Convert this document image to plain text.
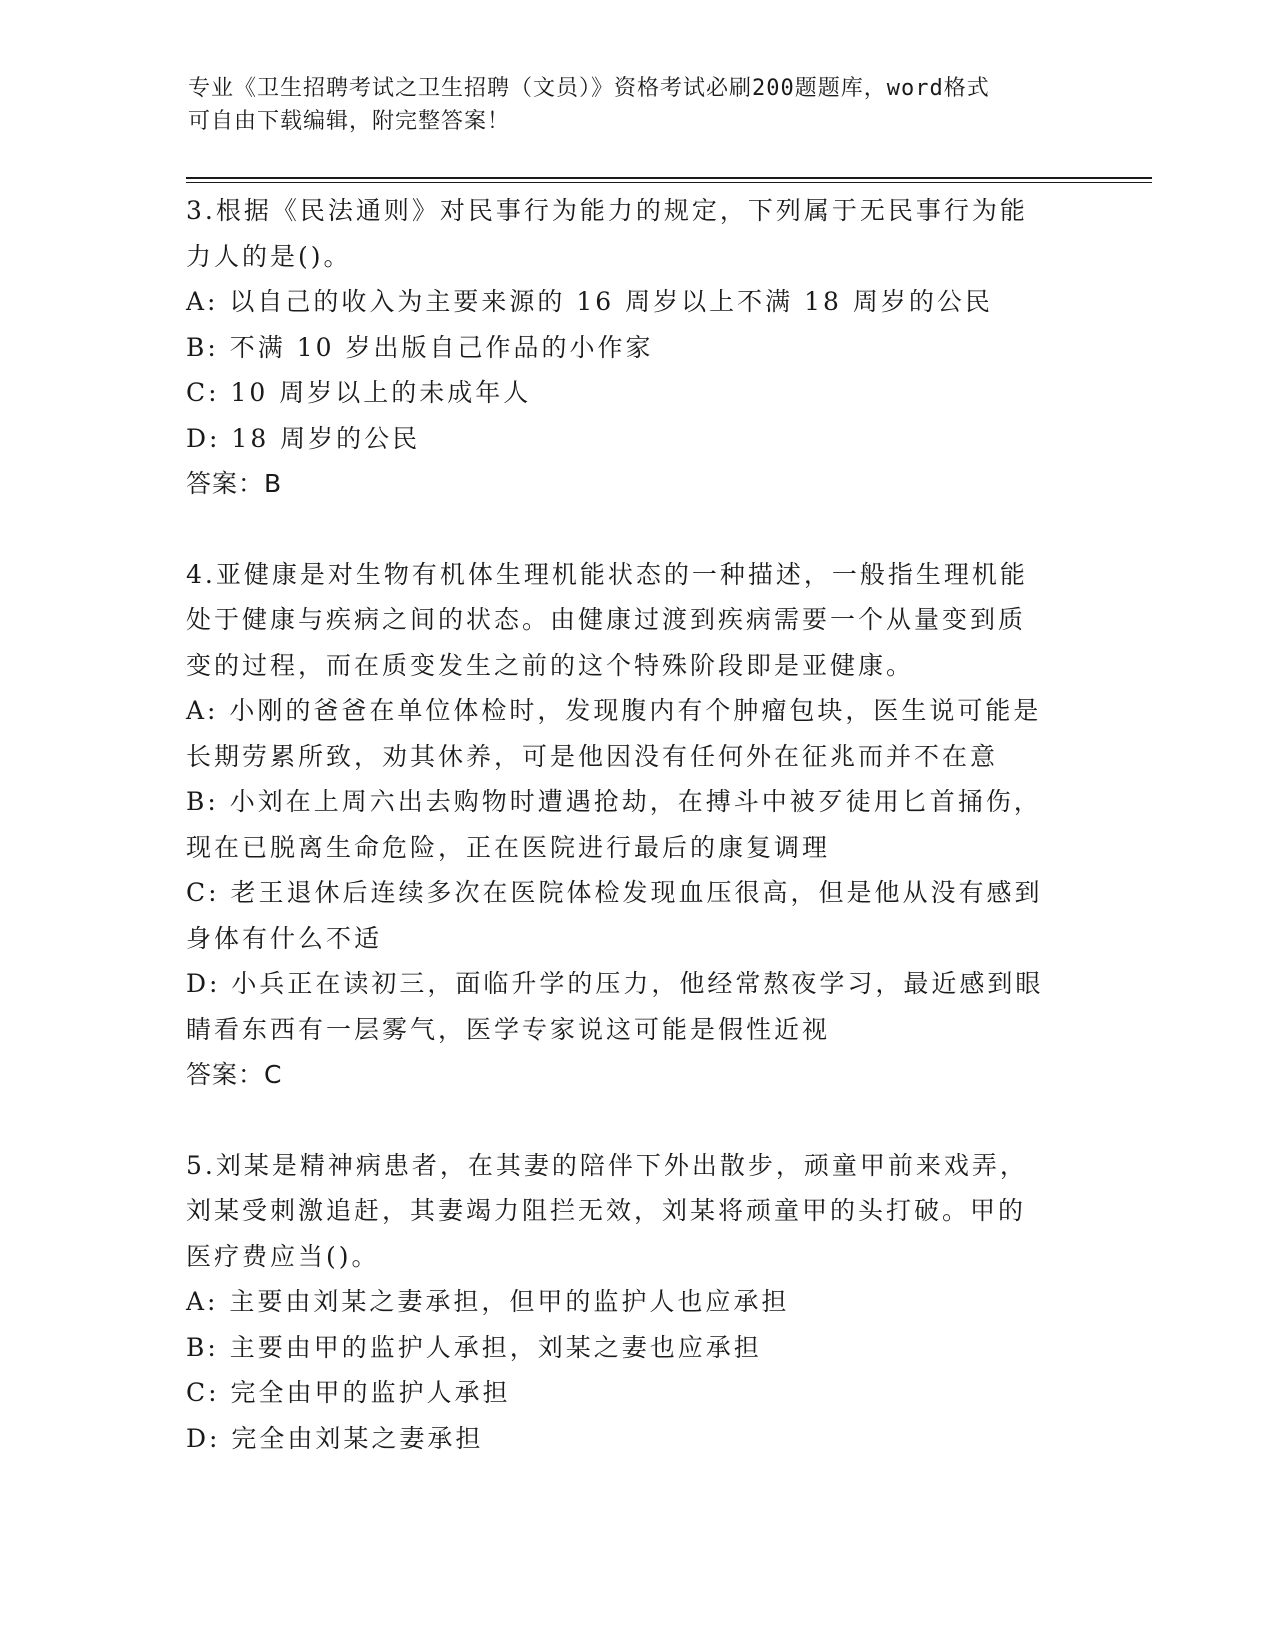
专业《卫生招聘考试之卫生招聘（文员）》资格考试必刷200题题库，word格式
可自由下载编辑，附完整答案！
3.根据《民法通则》对民事行为能力的规定，下列属于无民事行为能
力人的是()。
A: 以自己的收入为主要来源的 16 周岁以上不满 18 周岁的公民
B: 不满 10 岁出版自己作品的小作家
C: 10 周岁以上的未成年人
D: 18 周岁的公民
答案：B
4.亚健康是对生物有机体生理机能状态的一种描述，一般指生理机能
处于健康与疾病之间的状态。由健康过渡到疾病需要一个从量变到质
变的过程，而在质变发生之前的这个特殊阶段即是亚健康。
A: 小刚的爸爸在单位体检时，发现腹内有个肿瘤包块，医生说可能是
长期劳累所致，劝其休养，可是他因没有任何外在征兆而并不在意
B: 小刘在上周六出去购物时遭遇抢劫，在搏斗中被歹徒用匕首捅伤，
现在已脱离生命危险，正在医院进行最后的康复调理
C: 老王退休后连续多次在医院体检发现血压很高，但是他从没有感到
身体有什么不适
D: 小兵正在读初三，面临升学的压力，他经常熬夜学习，最近感到眼
睛看东西有一层雾气，医学专家说这可能是假性近视
答案：C
5.刘某是精神病患者，在其妻的陪伴下外出散步，顽童甲前来戏弄，
刘某受刺激追赶，其妻竭力阻拦无效，刘某将顽童甲的头打破。甲的
医疗费应当()。
A: 主要由刘某之妻承担，但甲的监护人也应承担
B: 主要由甲的监护人承担，刘某之妻也应承担
C: 完全由甲的监护人承担
D: 完全由刘某之妻承担
